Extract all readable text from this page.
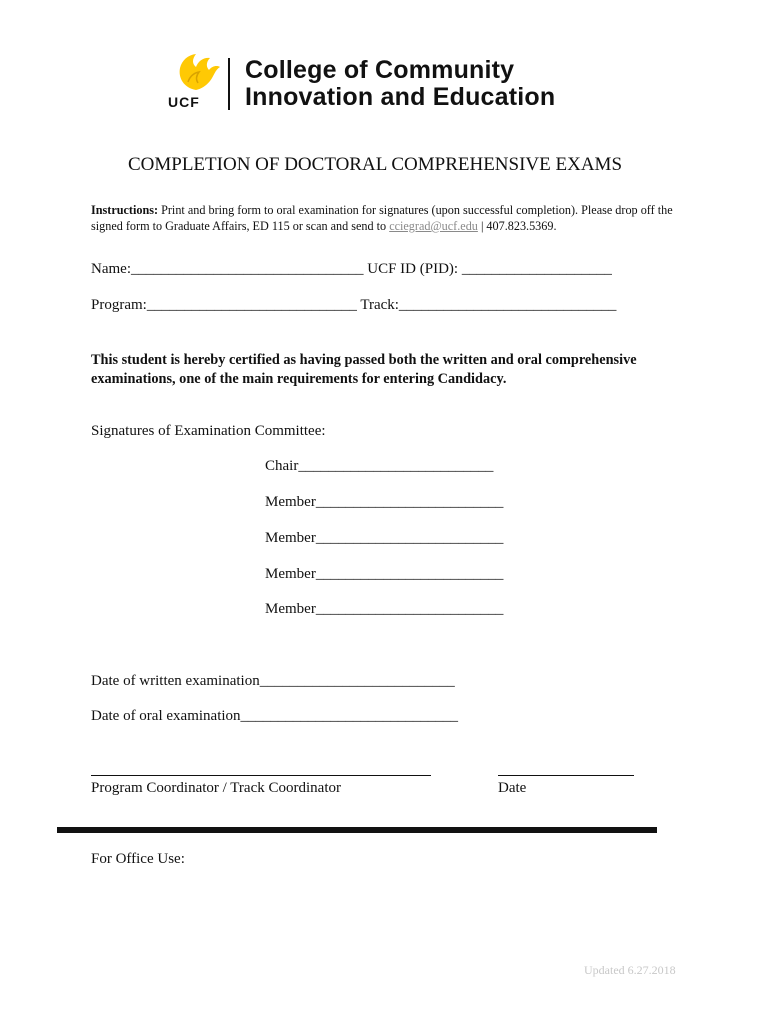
UCF
College of Community
Innovation and Education
COMPLETION OF DOCTORAL COMPREHENSIVE EXAMS
Instructions: Print and bring form to oral examination for signatures (upon successful completion). Please drop off the signed form to Graduate Affairs, ED 115 or scan and send to cciegrad@ucf.edu | 407.823.5369.
Name:_______________________________ UCF ID (PID): ____________________
Program:____________________________ Track:_____________________________
This student is hereby certified as having passed both the written and oral comprehensive examinations, one of the main requirements for entering Candidacy.
Signatures of Examination Committee:
Chair__________________________
Member_________________________
Member_________________________
Member_________________________
Member_________________________
Date of written examination__________________________
Date of oral examination_____________________________
Program Coordinator / Track Coordinator	Date
For Office Use:
Updated 6.27.2018
